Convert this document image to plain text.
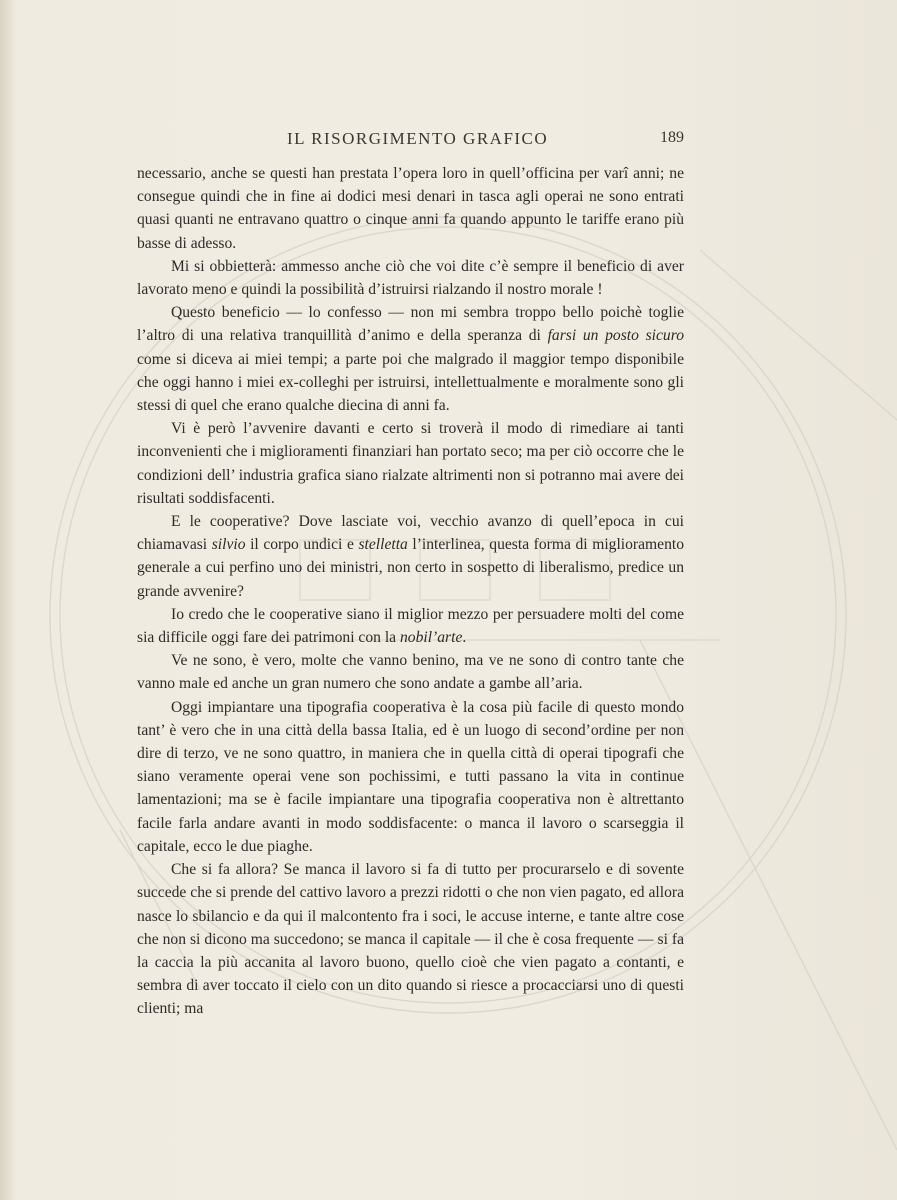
IL RISORGIMENTO GRAFICO	189

necessario, anche se questi han prestata l’opera loro in quell’officina per varî anni; ne consegue quindi che in fine ai dodici mesi denari in tasca agli operai ne sono entrati quasi quanti ne entravano quattro o cinque anni fa quando appunto le tariffe erano più basse di adesso.

Mi si obbietterà: ammesso anche ciò che voi dite c’è sempre il beneficio di aver lavorato meno e quindi la possibilità d’istruirsi rialzando il nostro morale !

Questo beneficio — lo confesso — non mi sembra troppo bello poichè toglie l’altro di una relativa tranquillità d’animo e della speranza di farsi un posto sicuro come si diceva ai miei tempi; a parte poi che malgrado il maggior tempo disponibile che oggi hanno i miei ex-colleghi per istruirsi, intellettualmente e moralmente sono gli stessi di quel che erano qualche diecina di anni fa.

Vi è però l’avvenire davanti e certo si troverà il modo di rimediare ai tanti inconvenienti che i miglioramenti finanziari han portato seco; ma per ciò occorre che le condizioni dell’ industria grafica siano rialzate altrimenti non si potranno mai avere dei risultati soddisfacenti.

E le cooperative? Dove lasciate voi, vecchio avanzo di quell’epoca in cui chiamavasi silvio il corpo undici e stelletta l’interlinea, questa forma di miglioramento generale a cui perfino uno dei ministri, non certo in sospetto di liberalismo, predice un grande avvenire?

Io credo che le cooperative siano il miglior mezzo per persuadere molti del come sia difficile oggi fare dei patrimoni con la nobil’arte.

Ve ne sono, è vero, molte che vanno benino, ma ve ne sono di contro tante che vanno male ed anche un gran numero che sono andate a gambe all’aria.

Oggi impiantare una tipografia cooperativa è la cosa più facile di questo mondo tant’ è vero che in una città della bassa Italia, ed è un luogo di second’ordine per non dire di terzo, ve ne sono quattro, in maniera che in quella città di operai tipografi che siano veramente operai vene son pochissimi, e tutti passano la vita in continue lamentazioni; ma se è facile impiantare una tipografia cooperativa non è altrettanto facile farla andare avanti in modo soddisfacente: o manca il lavoro o scarseggia il capitale, ecco le due piaghe.

Che si fa allora? Se manca il lavoro si fa di tutto per procurarselo e di sovente succede che si prende del cattivo lavoro a prezzi ridotti o che non vien pagato, ed allora nasce lo sbilancio e da qui il malcontento fra i soci, le accuse interne, e tante altre cose che non si dicono ma succedono; se manca il capitale — il che è cosa frequente — si fa la caccia la più accanita al lavoro buono, quello cioè che vien pagato a contanti, e sembra di aver toccato il cielo con un dito quando si riesce a procacciarsi uno di questi clienti; ma
